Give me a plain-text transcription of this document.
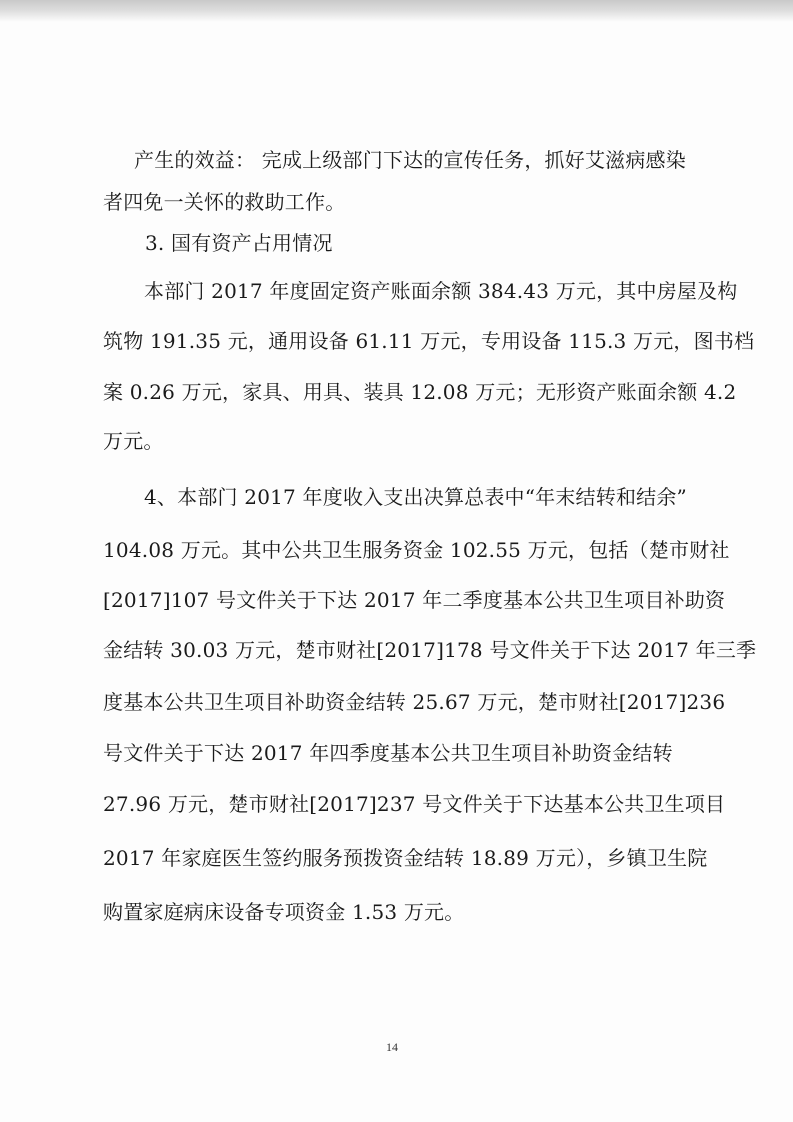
产生的效益： 完成上级部门下达的宣传任务，抓好艾滋病感染
者四免一关怀的救助工作。
3. 国有资产占用情况
本部门 2017 年度固定资产账面余额 384.43 万元，其中房屋及构
筑物 191.35 元，通用设备 61.11 万元，专用设备 115.3 万元，图书档
案 0.26 万元，家具、用具、装具 12.08 万元；无形资产账面余额 4.2
万元。
4、本部门 2017 年度收入支出决算总表中“年末结转和结余”
104.08 万元。其中公共卫生服务资金 102.55 万元，包括（楚市财社
[2017]107 号文件关于下达 2017 年二季度基本公共卫生项目补助资
金结转 30.03 万元，楚市财社[2017]178 号文件关于下达 2017 年三季
度基本公共卫生项目补助资金结转 25.67 万元，楚市财社[2017]236
号文件关于下达 2017 年四季度基本公共卫生项目补助资金结转
27.96 万元，楚市财社[2017]237 号文件关于下达基本公共卫生项目
2017 年家庭医生签约服务预拨资金结转 18.89 万元），乡镇卫生院
购置家庭病床设备专项资金 1.53 万元。
14
